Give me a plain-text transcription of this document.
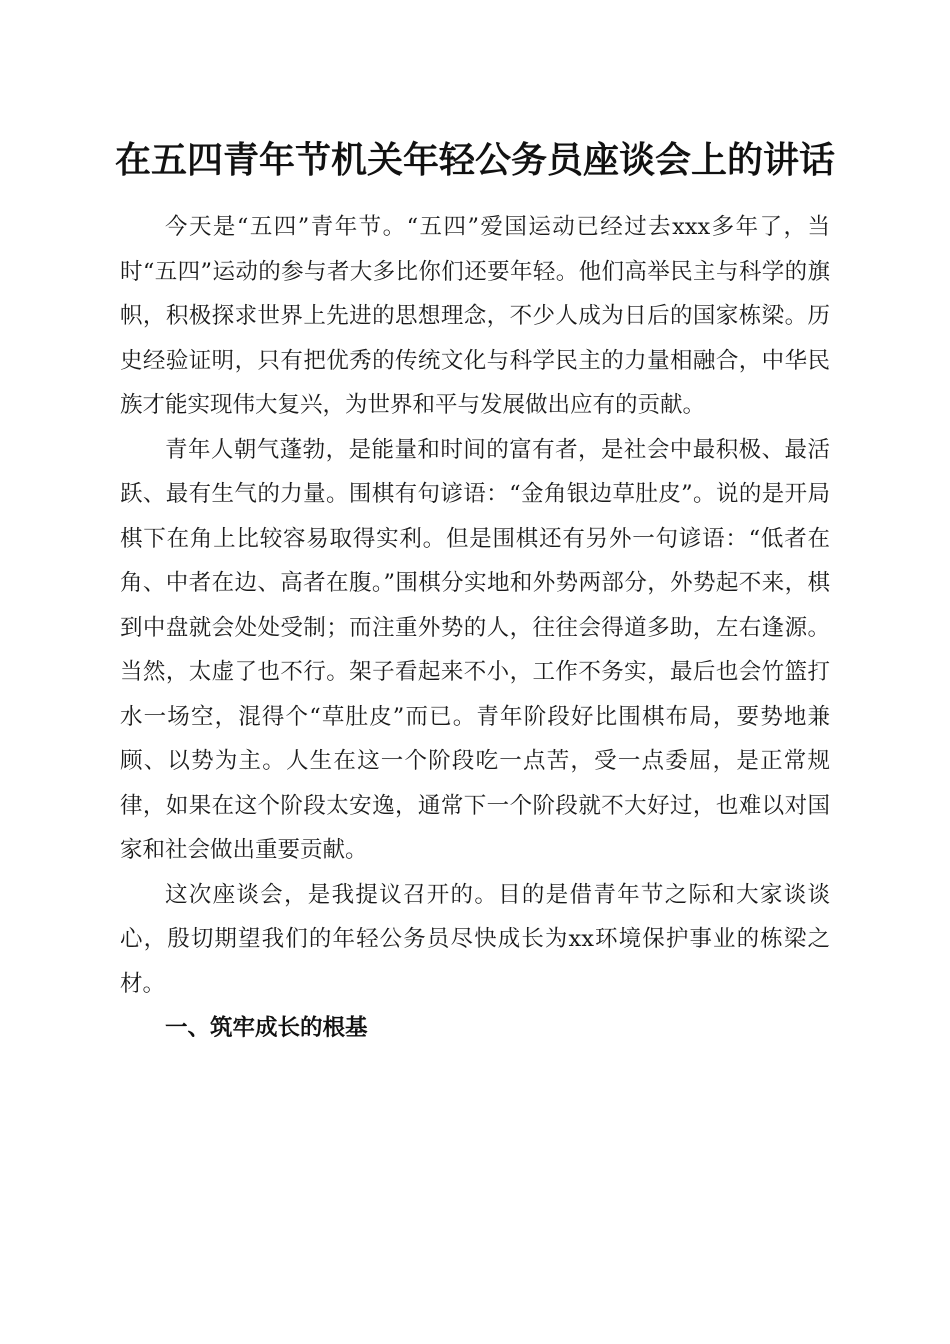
在五四青年节机关年轻公务员座谈会上的讲话

今天是“五四”青年节。“五四”爱国运动已经过去xxx多年了，当时“五四”运动的参与者大多比你们还要年轻。他们高举民主与科学的旗帜，积极探求世界上先进的思想理念，不少人成为日后的国家栋梁。历史经验证明，只有把优秀的传统文化与科学民主的力量相融合，中华民族才能实现伟大复兴，为世界和平与发展做出应有的贡献。

青年人朝气蓬勃，是能量和时间的富有者，是社会中最积极、最活跃、最有生气的力量。围棋有句谚语：“金角银边草肚皮”。说的是开局棋下在角上比较容易取得实利。但是围棋还有另外一句谚语：“低者在角、中者在边、高者在腹。”围棋分实地和外势两部分，外势起不来，棋到中盘就会处处受制；而注重外势的人，往往会得道多助，左右逢源。当然，太虚了也不行。架子看起来不小，工作不务实，最后也会竹篮打水一场空，混得个“草肚皮”而已。青年阶段好比围棋布局，要势地兼顾、以势为主。人生在这一个阶段吃一点苦，受一点委屈，是正常规律，如果在这个阶段太安逸，通常下一个阶段就不大好过，也难以对国家和社会做出重要贡献。

这次座谈会，是我提议召开的。目的是借青年节之际和大家谈谈心，殷切期望我们的年轻公务员尽快成长为xx环境保护事业的栋梁之材。

一、筑牢成长的根基
